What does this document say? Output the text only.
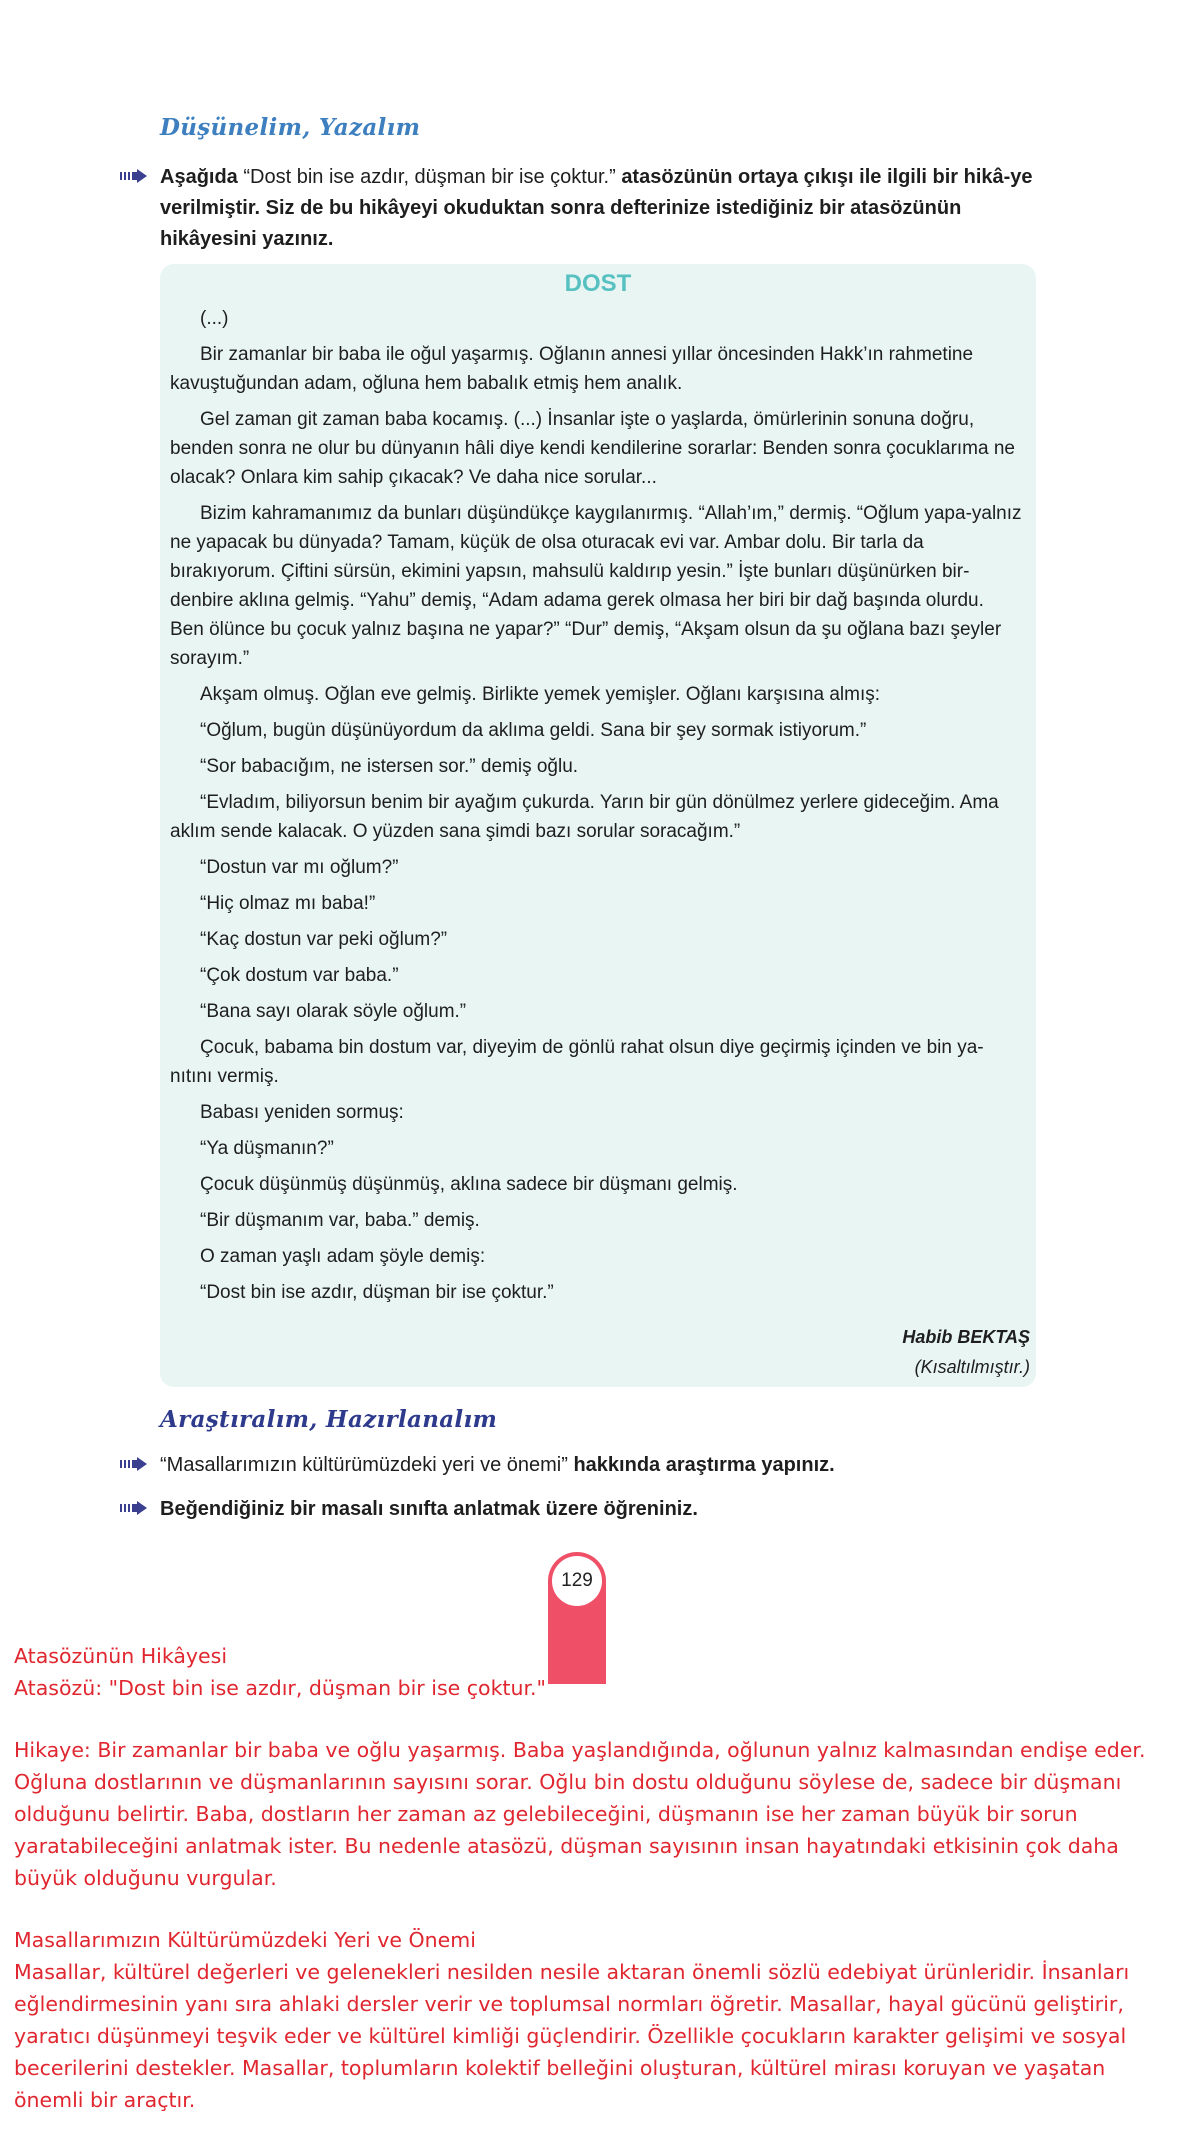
Düşünelim, Yazalım

Aşağıda “Dost bin ise azdır, düşman bir ise çoktur.” atasözünün ortaya çıkışı ile ilgili bir hikâ-ye verilmiştir. Siz de bu hikâyeyi okuduktan sonra defterinize istediğiniz bir atasözünün hikâyesini yazınız.

DOST

(...)

Bir zamanlar bir baba ile oğul yaşarmış. Oğlanın annesi yıllar öncesinden Hakk’ın rahmetine kavuştuğundan adam, oğluna hem babalık etmiş hem analık.

Gel zaman git zaman baba kocamış. (...) İnsanlar işte o yaşlarda, ömürlerinin sonuna doğru, benden sonra ne olur bu dünyanın hâli diye kendi kendilerine sorarlar: Benden sonra çocuklarıma ne olacak? Onlara kim sahip çıkacak? Ve daha nice sorular...

Bizim kahramanımız da bunları düşündükçe kaygılanırmış. “Allah’ım,” dermiş. “Oğlum yapa-yalnız ne yapacak bu dünyada? Tamam, küçük de olsa oturacak evi var. Ambar dolu. Bir tarla da bırakıyorum. Çiftini sürsün, ekimini yapsın, mahsulü kaldırıp yesin.” İşte bunları düşünürken bir-denbire aklına gelmiş. “Yahu” demiş, “Adam adama gerek olmasa her biri bir dağ başında olurdu. Ben ölünce bu çocuk yalnız başına ne yapar?” “Dur” demiş, “Akşam olsun da şu oğlana bazı şeyler sorayım.”

Akşam olmuş. Oğlan eve gelmiş. Birlikte yemek yemişler. Oğlanı karşısına almış:

“Oğlum, bugün düşünüyordum da aklıma geldi. Sana bir şey sormak istiyorum.”

“Sor babacığım, ne istersen sor.” demiş oğlu.

“Evladım, biliyorsun benim bir ayağım çukurda. Yarın bir gün dönülmez yerlere gideceğim. Ama aklım sende kalacak. O yüzden sana şimdi bazı sorular soracağım.”

“Dostun var mı oğlum?”

“Hiç olmaz mı baba!”

“Kaç dostun var peki oğlum?”

“Çok dostum var baba.”

“Bana sayı olarak söyle oğlum.”

Çocuk, babama bin dostum var, diyeyim de gönlü rahat olsun diye geçirmiş içinden ve bin ya-nıtını vermiş.

Babası yeniden sormuş:

“Ya düşmanın?”

Çocuk düşünmüş düşünmüş, aklına sadece bir düşmanı gelmiş.

“Bir düşmanım var, baba.” demiş.

O zaman yaşlı adam şöyle demiş:

“Dost bin ise azdır, düşman bir ise çoktur.”

Habib BEKTAŞ
(Kısaltılmıştır.)
Araştıralım, Hazırlanalım

“Masallarımızın kültürümüzdeki yeri ve önemi” hakkında araştırma yapınız.

Beğendiğiniz bir masalı sınıfta anlatmak üzere öğreniniz.

129

Atasözünün Hikâyesi

Atasözü: "Dost bin ise azdır, düşman bir ise çoktur."

Hikaye: Bir zamanlar bir baba ve oğlu yaşarmış. Baba yaşlandığında, oğlunun yalnız kalmasından endişe eder.

Oğluna dostlarının ve düşmanlarının sayısını sorar. Oğlu bin dostu olduğunu söylese de, sadece bir düşmanı

olduğunu belirtir. Baba, dostların her zaman az gelebileceğini, düşmanın ise her zaman büyük bir sorun

yaratabileceğini anlatmak ister. Bu nedenle atasözü, düşman sayısının insan hayatındaki etkisinin çok daha

büyük olduğunu vurgular.

Masallarımızın Kültürümüzdeki Yeri ve Önemi

Masallar, kültürel değerleri ve gelenekleri nesilden nesile aktaran önemli sözlü edebiyat ürünleridir. İnsanları

eğlendirmesinin yanı sıra ahlaki dersler verir ve toplumsal normları öğretir. Masallar, hayal gücünü geliştirir,

yaratıcı düşünmeyi teşvik eder ve kültürel kimliği güçlendirir. Özellikle çocukların karakter gelişimi ve sosyal

becerilerini destekler. Masallar, toplumların kolektif belleğini oluşturan, kültürel mirası koruyan ve yaşatan

önemli bir araçtır.
